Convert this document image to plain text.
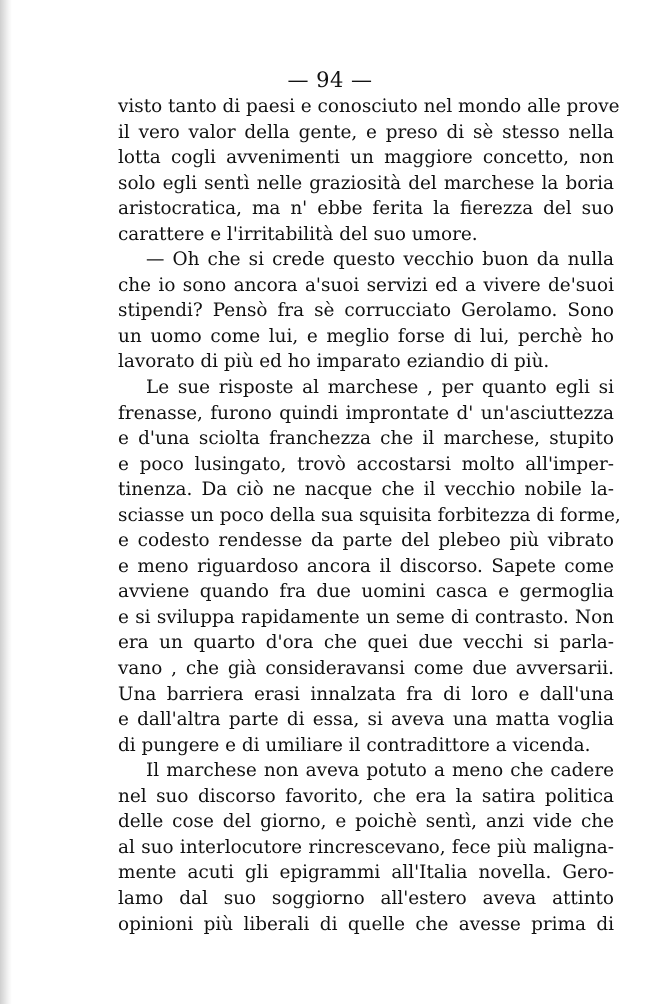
— 94 —
visto tanto di paesi e conosciuto nel mondo alle prove
il vero valor della gente, e preso di sè stesso nella
lotta cogli avvenimenti un maggiore concetto, non
solo egli sentì nelle graziosità del marchese la boria
aristocratica, ma n' ebbe ferita la fierezza del suo
carattere e l'irritabilità del suo umore.
— Oh che si crede questo vecchio buon da nulla
che io sono ancora a'suoi servizi ed a vivere de'suoi
stipendi? Pensò fra sè corrucciato Gerolamo. Sono
un uomo come lui, e meglio forse di lui, perchè ho
lavorato di più ed ho imparato eziandio di più.
Le sue risposte al marchese , per quanto egli si
frenasse, furono quindi improntate d' un'asciuttezza
e d'una sciolta franchezza che il marchese, stupito
e poco lusingato, trovò accostarsi molto all'imper-
tinenza. Da ciò ne nacque che il vecchio nobile la-
sciasse un poco della sua squisita forbitezza di forme,
e codesto rendesse da parte del plebeo più vibrato
e meno riguardoso ancora il discorso. Sapete come
avviene quando fra due uomini casca e germoglia
e si sviluppa rapidamente un seme di contrasto. Non
era un quarto d'ora che quei due vecchi si parla-
vano , che già consideravansi come due avversarii.
Una barriera erasi innalzata fra di loro e dall'una
e dall'altra parte di essa, si aveva una matta voglia
di pungere e di umiliare il contradittore a vicenda.
Il marchese non aveva potuto a meno che cadere
nel suo discorso favorito, che era la satira politica
delle cose del giorno, e poichè sentì, anzi vide che
al suo interlocutore rincrescevano, fece più maligna-
mente acuti gli epigrammi all'Italia novella. Gero-
lamo dal suo soggiorno all'estero aveva attinto
opinioni più liberali di quelle che avesse prima di
